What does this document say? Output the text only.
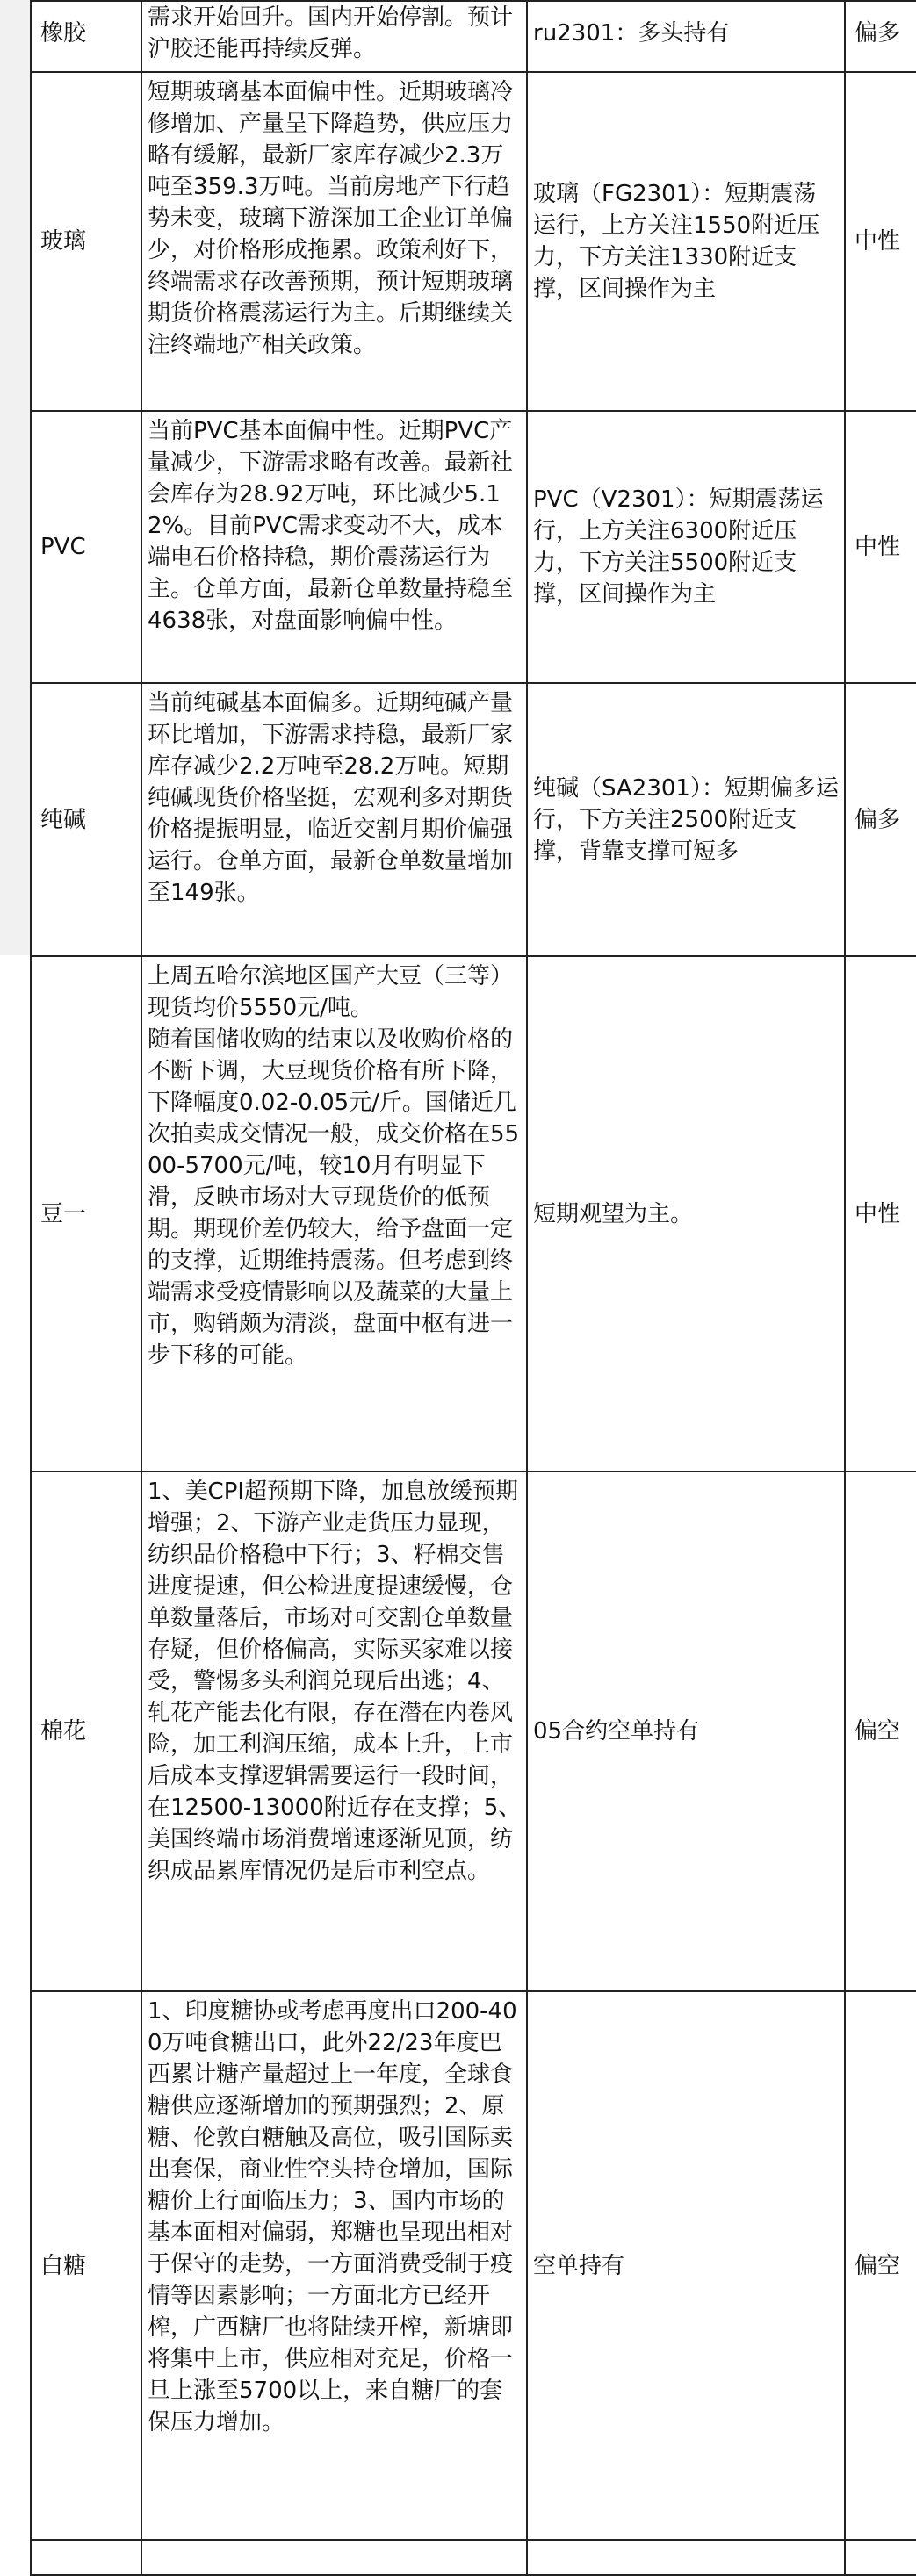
橡胶	需求开始回升。国内开始停割。预计沪胶还能再持续反弹。	ru2301：多头持有	偏多
玻璃	短期玻璃基本面偏中性。近期玻璃冷修增加、产量呈下降趋势，供应压力略有缓解，最新厂家库存减少2.3万吨至359.3万吨。当前房地产下行趋势未变，玻璃下游深加工企业订单偏少，对价格形成拖累。政策利好下，终端需求存改善预期，预计短期玻璃期货价格震荡运行为主。后期继续关注终端地产相关政策。	玻璃（FG2301）：短期震荡运行，上方关注1550附近压力，下方关注1330附近支撑，区间操作为主	中性
PVC	当前PVC基本面偏中性。近期PVC产量减少，下游需求略有改善。最新社会库存为28.92万吨，环比减少5.12%。目前PVC需求变动不大，成本端电石价格持稳，期价震荡运行为主。仓单方面，最新仓单数量持稳至4638张，对盘面影响偏中性。	PVC（V2301）：短期震荡运行，上方关注6300附近压力，下方关注5500附近支撑，区间操作为主	中性
纯碱	当前纯碱基本面偏多。近期纯碱产量环比增加，下游需求持稳，最新厂家库存减少2.2万吨至28.2万吨。短期纯碱现货价格坚挺，宏观利多对期货价格提振明显，临近交割月期价偏强运行。仓单方面，最新仓单数量增加至149张。	纯碱（SA2301）：短期偏多运行，下方关注2500附近支撑，背靠支撑可短多	偏多
豆一	上周五哈尔滨地区国产大豆（三等）现货均价5550元/吨。
随着国储收购的结束以及收购价格的不断下调，大豆现货价格有所下降，下降幅度0.02-0.05元/斤。国储近几次拍卖成交情况一般，成交价格在5500-5700元/吨，较10月有明显下滑，反映市场对大豆现货价的低预期。期现价差仍较大，给予盘面一定的支撑，近期维持震荡。但考虑到终端需求受疫情影响以及蔬菜的大量上市，购销颇为清淡，盘面中枢有进一步下移的可能。	短期观望为主。	中性
棉花	1、美CPI超预期下降，加息放缓预期增强；2、下游产业走货压力显现，纺织品价格稳中下行；3、籽棉交售进度提速，但公检进度提速缓慢，仓单数量落后，市场对可交割仓单数量存疑，但价格偏高，实际买家难以接受，警惕多头利润兑现后出逃；4、轧花产能去化有限，存在潜在内卷风险，加工利润压缩，成本上升，上市后成本支撑逻辑需要运行一段时间，在12500-13000附近存在支撑；5、美国终端市场消费增速逐渐见顶，纺织成品累库情况仍是后市利空点。	05合约空单持有	偏空
白糖	1、印度糖协或考虑再度出口200-400万吨食糖出口，此外22/23年度巴西累计糖产量超过上一年度，全球食糖供应逐渐增加的预期强烈；2、原糖、伦敦白糖触及高位，吸引国际卖出套保，商业性空头持仓增加，国际糖价上行面临压力；3、国内市场的基本面相对偏弱，郑糖也呈现出相对于保守的走势，一方面消费受制于疫情等因素影响；一方面北方已经开榨，广西糖厂也将陆续开榨，新塘即将集中上市，供应相对充足，价格一旦上涨至5700以上，来自糖厂的套保压力增加。	空单持有	偏空
